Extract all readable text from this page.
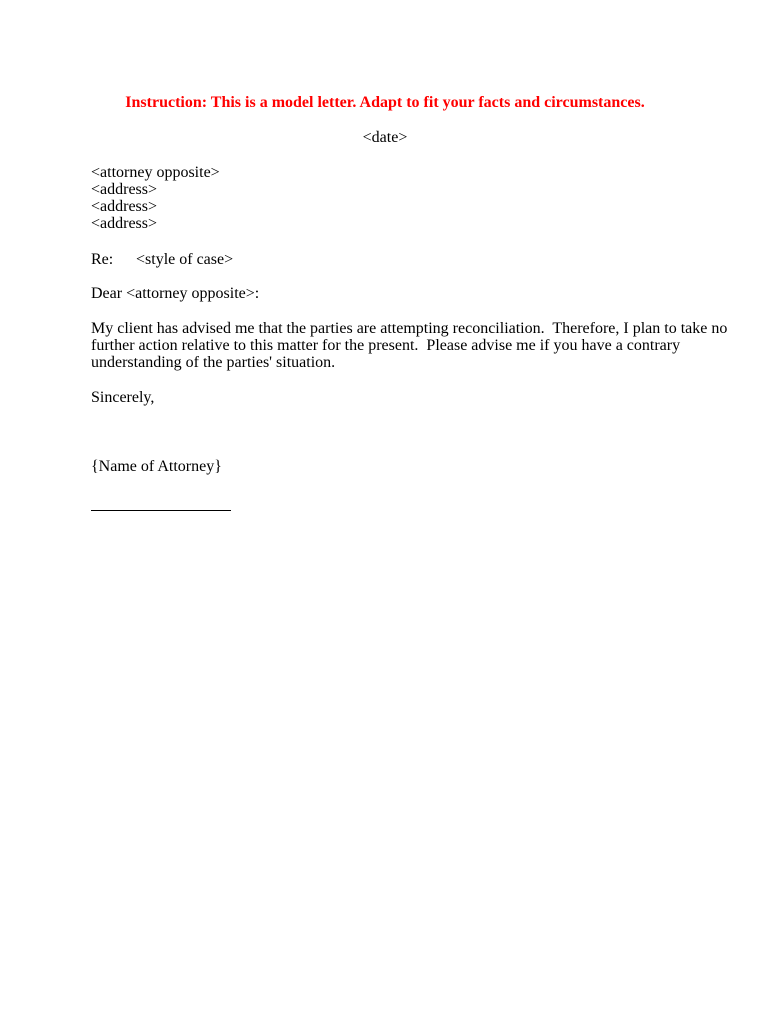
Instruction: This is a model letter. Adapt to fit your facts and circumstances.
<date>
<attorney opposite>
<address>
<address>
<address>
Re: <style of case>
Dear <attorney opposite>:
My client has advised me that the parties are attempting reconciliation.  Therefore, I plan to take no
further action relative to this matter for the present.  Please advise me if you have a contrary
understanding of the parties' situation.
Sincerely,
{Name of Attorney}
